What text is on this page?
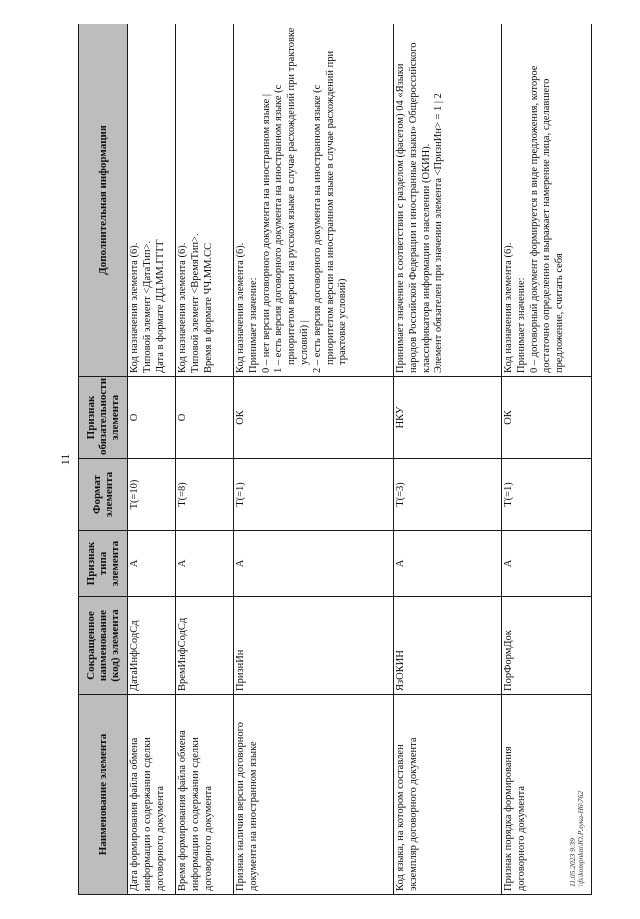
11
Наименование элемента	Сокращенное наименование (код) элемента	Признак типа элемента	Формат элемента	Признак обязательности элемента	Дополнительная информация
Дата формирования файла обмена информации о содержании сделки договорного документа	ДатаИнфСодСд	А	T(=10)	О	Код назначения элемента (6).
Типовой элемент <ДатаТип>.
Дата в формате ДД.ММ.ГГГГ
Время формирования файла обмена информации о содержании сделки договорного документа	ВремИнфСодСд	А	T(=8)	О	Код назначения элемента (6).
Типовой элемент <ВремяТип>.
Время в формате ЧЧ.ММ.СС
Признак наличия версии договорного документа на иностранном языке	ПризнИн	А	T(=1)	ОК	Код назначения элемента (6).
Принимает значение: 0 – нет версии договорного документа на иностранном языке | 1 – есть версия договорного документа на иностранном языке (с приоритетом версии на русском языке в случае расхождений при трактовке условий) | 2 – есть версия договорного документа на иностранном языке (с приоритетом версии на иностранном языке в случае расхождений при трактовке условий)

Код языка, на котором составлен экземпляр договорного документа	ЯзОКИН	А	T(=3)	НКУ	Принимает значение в соответствии с разделом (фасетом) 04 «Языки народов Российской Федерации и иностранные языки» Общероссийского классификатора информации о населении (ОКИН).
Элемент обязателен при значении элемента <ПризнИн> = 1 | 2
Признак порядка формирования договорного документа	ПорФормДок	А	T(=1)	ОК	Код назначения элемента (6).
Принимает значение:
0 – договорный документ формируется в виде предложения, которое достаточно определенно и выражает намерение лица, сделавшего предложение, считать себя
11.05.2023 9:39 \\fs\kompnkm\Ю.Р.лука-H6\762
